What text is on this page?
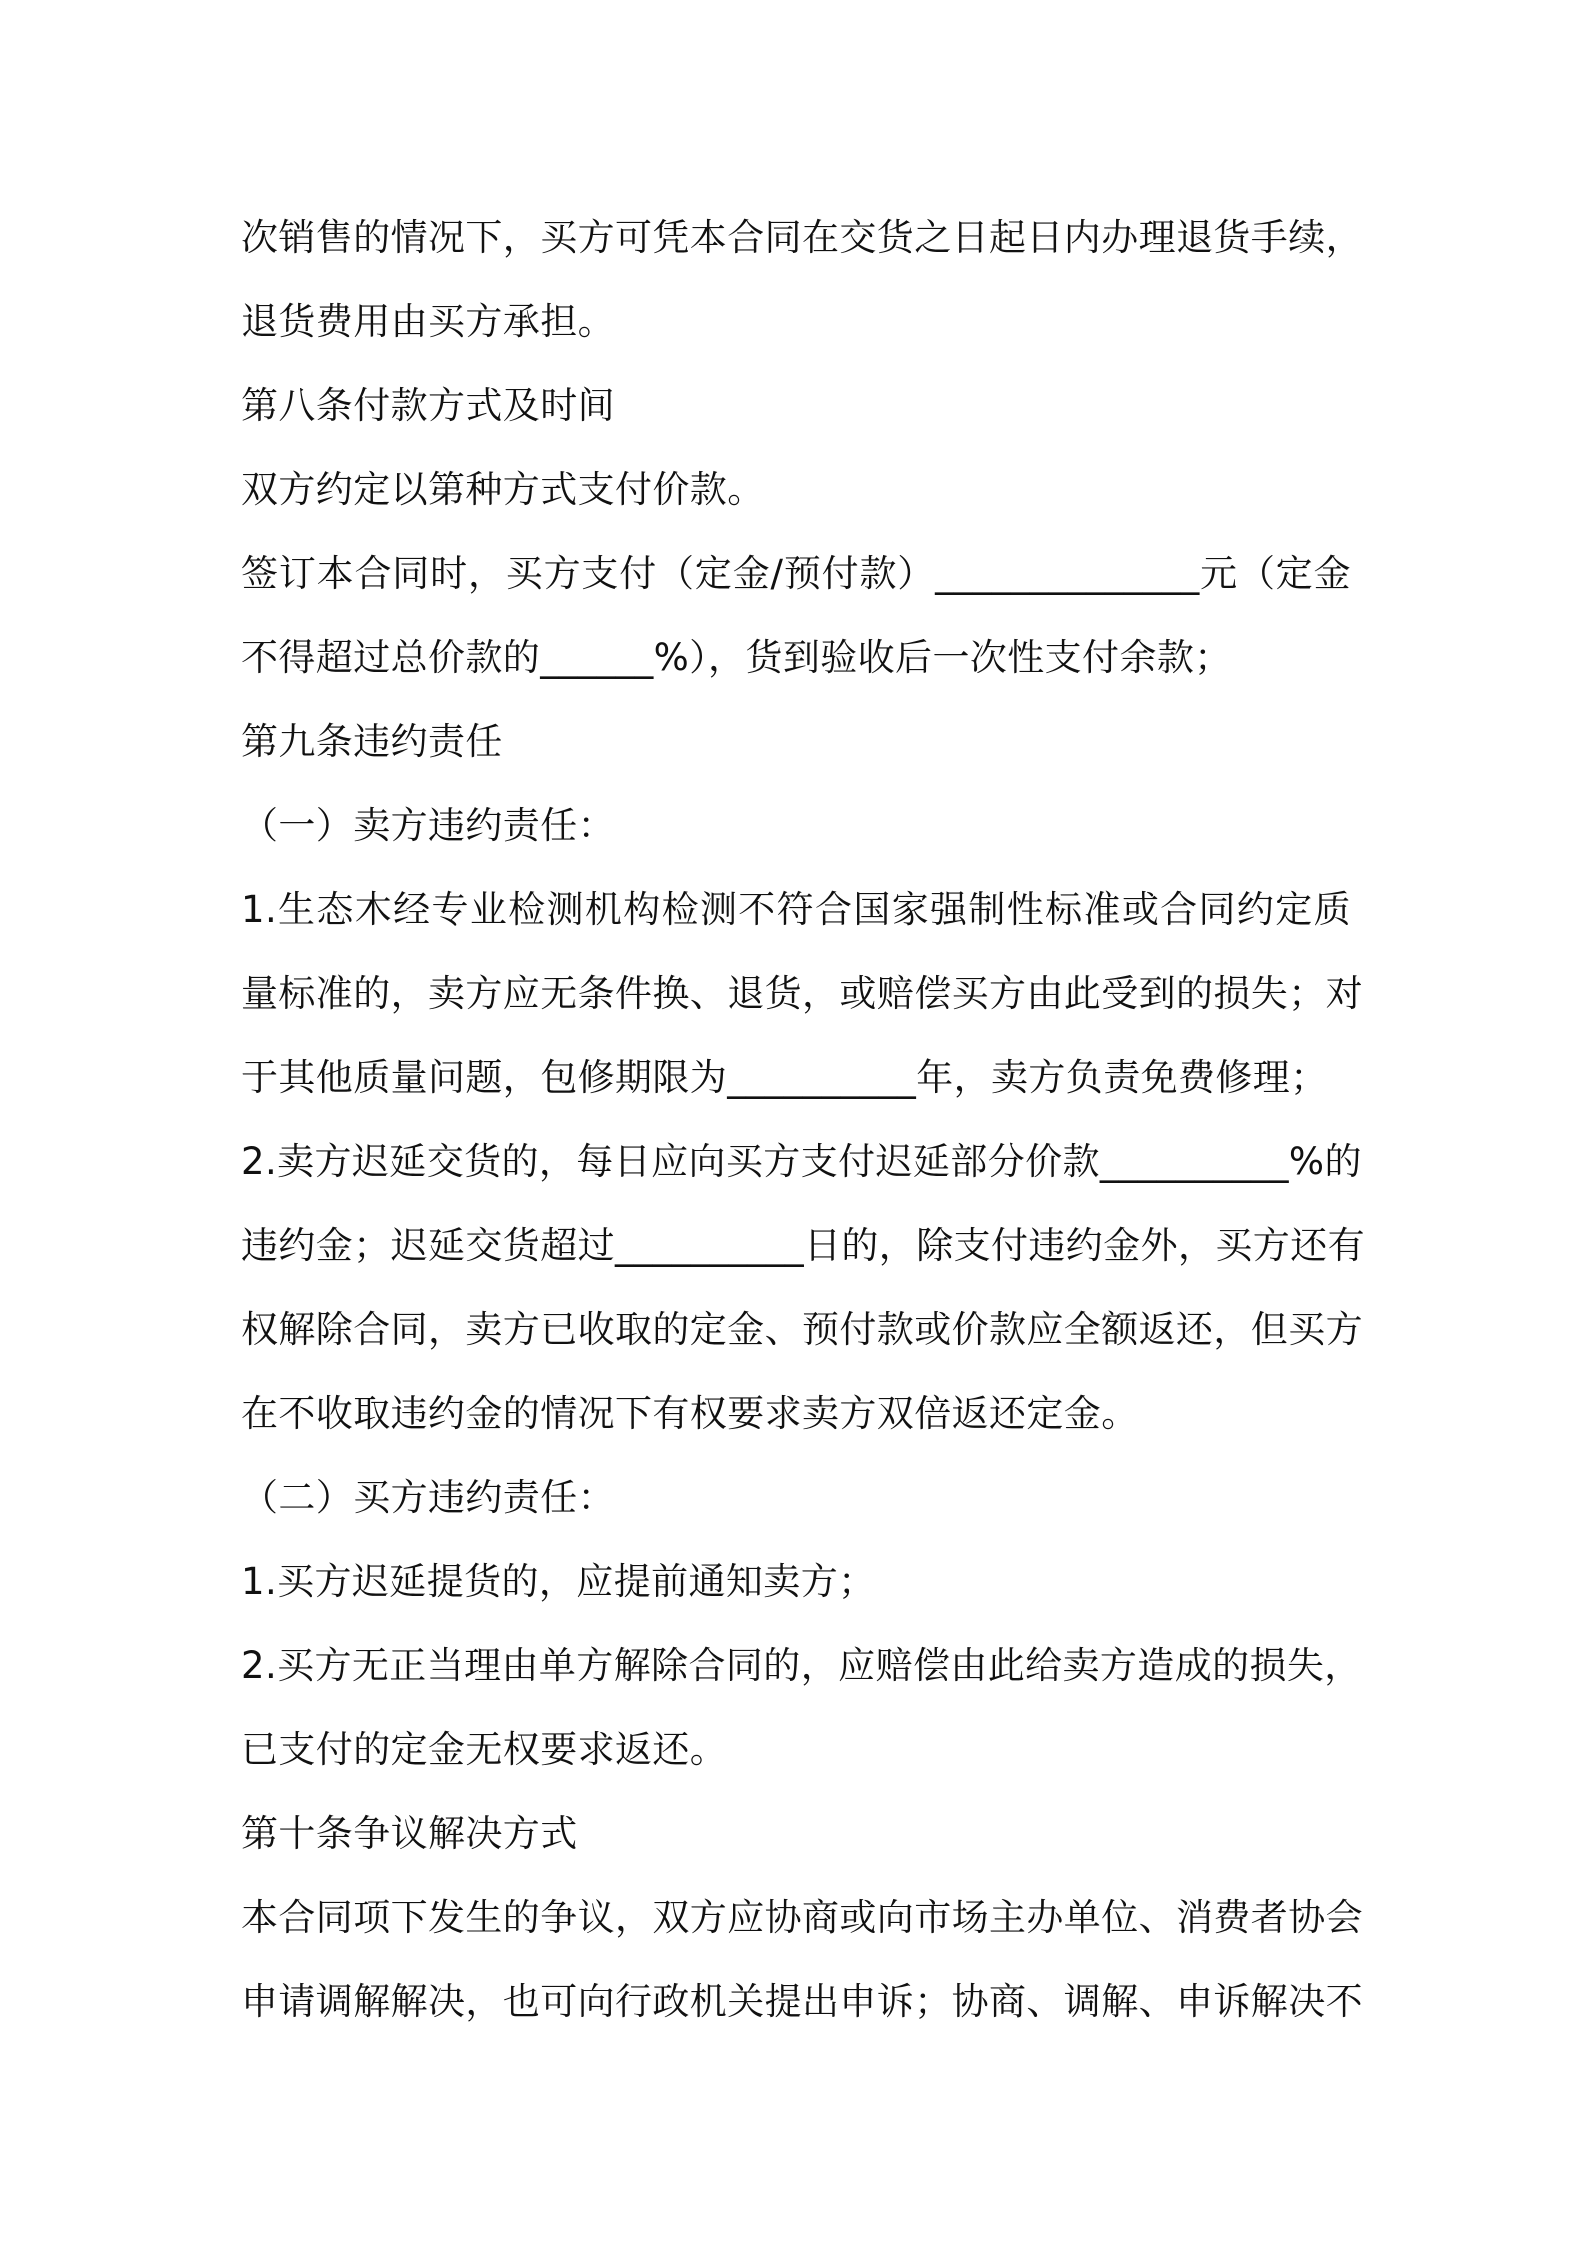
次销售的情况下，买方可凭本合同在交货之日起日内办理退货手续，
退货费用由买方承担。
第八条付款方式及时间
双方约定以第种方式支付价款。
签订本合同时，买方支付（定金/预付款）______________元（定金
不得超过总价款的______%），货到验收后一次性支付余款；
第九条违约责任
（一）卖方违约责任：
1.生态木经专业检测机构检测不符合国家强制性标准或合同约定质
量标准的，卖方应无条件换、退货，或赔偿买方由此受到的损失；对
于其他质量问题，包修期限为__________年，卖方负责免费修理；
2.卖方迟延交货的，每日应向买方支付迟延部分价款__________%的
违约金；迟延交货超过__________日的，除支付违约金外，买方还有
权解除合同，卖方已收取的定金、预付款或价款应全额返还，但买方
在不收取违约金的情况下有权要求卖方双倍返还定金。
（二）买方违约责任：
1.买方迟延提货的，应提前通知卖方；
2.买方无正当理由单方解除合同的，应赔偿由此给卖方造成的损失，
已支付的定金无权要求返还。
第十条争议解决方式
本合同项下发生的争议，双方应协商或向市场主办单位、消费者协会
申请调解解决，也可向行政机关提出申诉；协商、调解、申诉解决不
